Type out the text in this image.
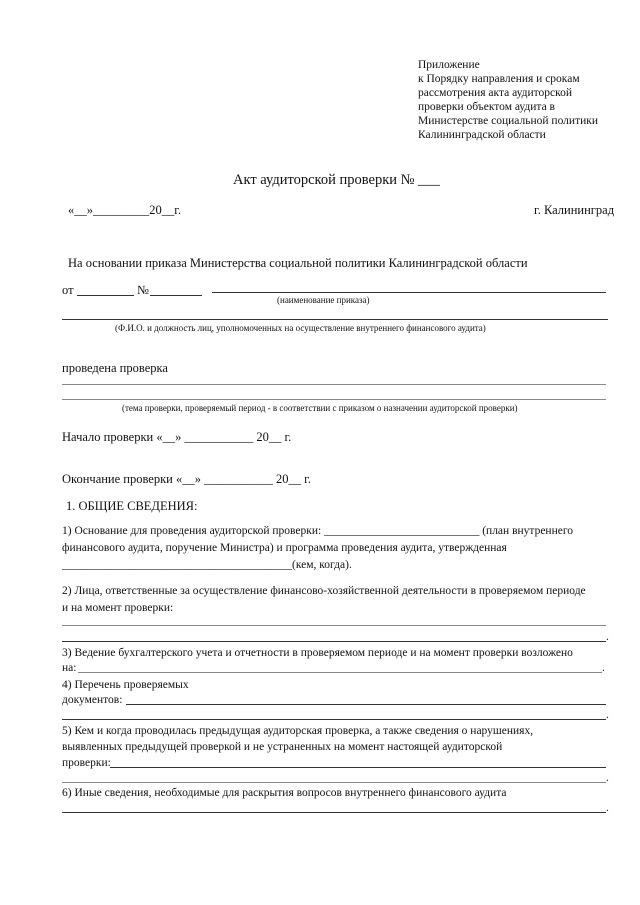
Приложение
к Порядку направления и срокам
рассмотрения акта аудиторской
проверки объектом аудита в
Министерстве социальной политики
Калининградской области
Акт аудиторской проверки № ___
«__»_________20__г.	г. Калининград
На основании приказа Министерства социальной политики Калининградской области
от	№
(наименование приказа)
(Ф.И.О. и должность лиц, уполномоченных на осуществление внутреннего финансового аудита)
проведена проверка
(тема проверки, проверяемый период - в соответствии с приказом о назначении аудиторской проверки)
Начало проверки «__» ___________ 20__ г.
Окончание проверки «__» ___________ 20__ г.
1. ОБЩИЕ СВЕДЕНИЯ:
1) Основание для проведения аудиторской проверки: ___________________________ (план внутреннего
финансового аудита, поручение Министра) и программа проведения аудита, утвержденная
________________________________________(кем, когда).
2) Лица, ответственные за осуществление финансово-хозяйственной деятельности в проверяемом периоде
и на момент проверки:
.
3) Ведение бухгалтерского учета и отчетности в проверяемом периоде и на момент проверки возложено
на:	.
4) Перечень проверяемых
документов:
.
5) Кем и когда проводилась предыдущая аудиторская проверка, а также сведения о нарушениях,
выявленных предыдущей проверкой и не устраненных на момент настоящей аудиторской
проверки:
.
6) Иные сведения, необходимые для раскрытия вопросов внутреннего финансового аудита
.
